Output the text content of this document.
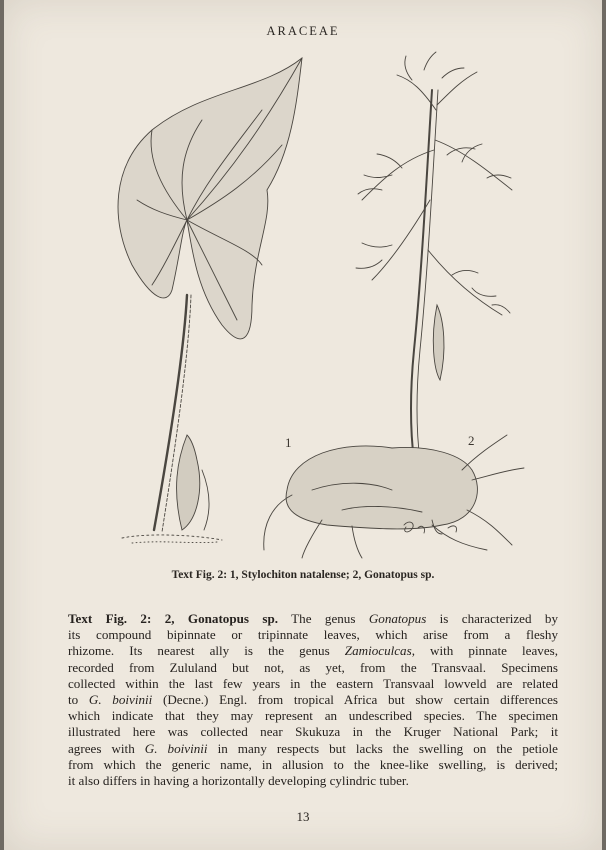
ARACEAE
1	2
Text Fig. 2: 1, Stylochiton natalense; 2, Gonatopus sp.
Text Fig. 2: 2, Gonatopus sp. The genus Gonatopus is characterized by
its compound bipinnate or tripinnate leaves, which arise from a fleshy
rhizome. Its nearest ally is the genus Zamioculcas, with pinnate leaves,
recorded from Zululand but not, as yet, from the Transvaal. Specimens
collected within the last few years in the eastern Transvaal lowveld are related
to G. boivinii (Decne.) Engl. from tropical Africa but show certain differences
which indicate that they may represent an undescribed species. The specimen
illustrated here was collected near Skukuza in the Kruger National Park; it
agrees with G. boivinii in many respects but lacks the swelling on the petiole
from which the generic name, in allusion to the knee-like swelling, is derived;
it also differs in having a horizontally developing cylindric tuber.
13
